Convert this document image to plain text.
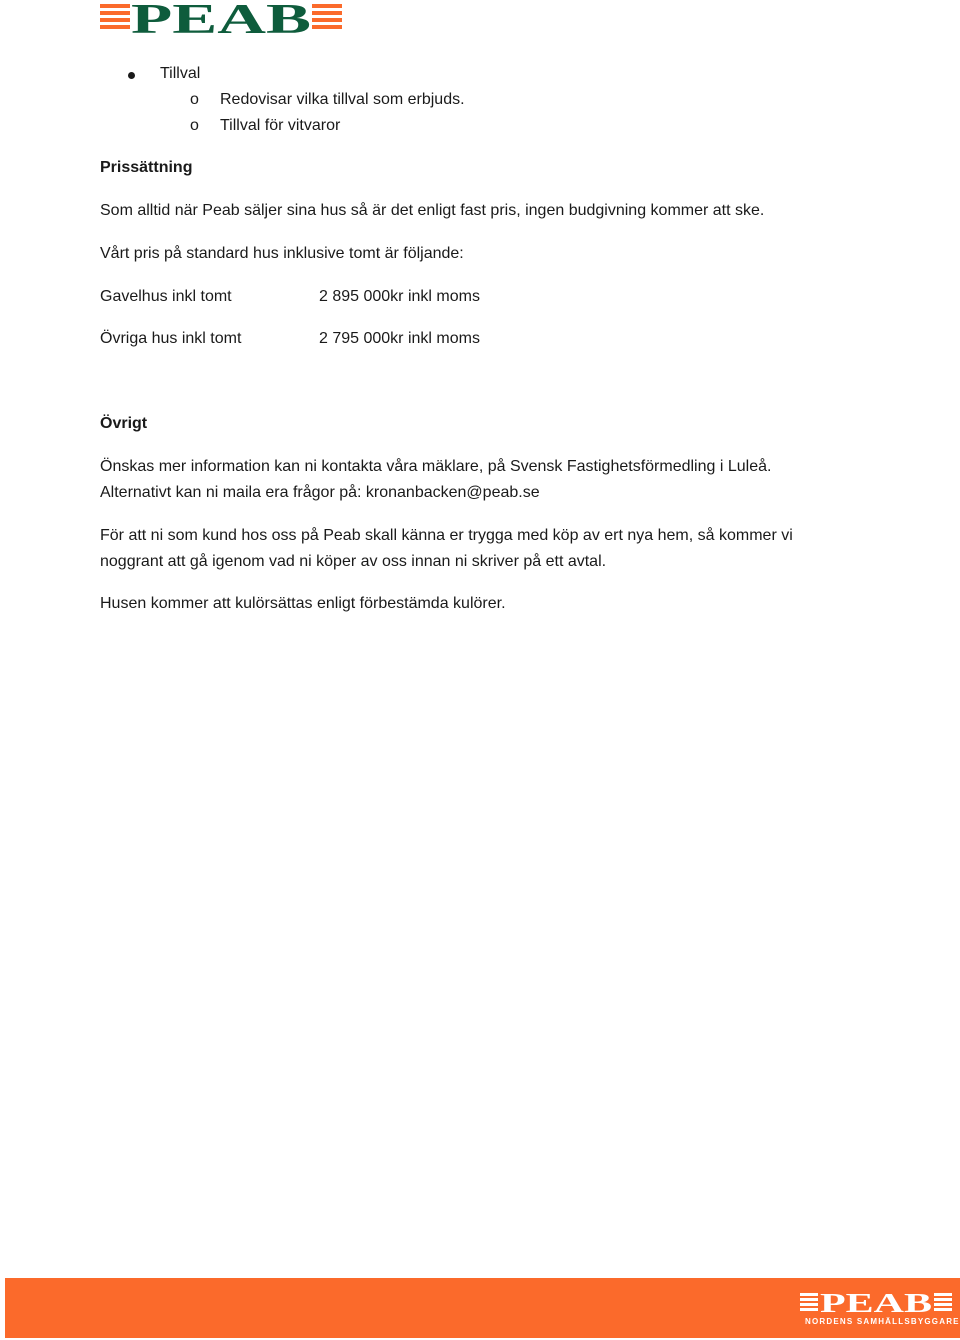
PEAB
Tillval
o Redovisar vilka tillval som erbjuds.
o Tillval för vitvaror
Prissättning
Som alltid när Peab säljer sina hus så är det enligt fast pris, ingen budgivning kommer att ske.
Vårt pris på standard hus inklusive tomt är följande:
Gavelhus inkl tomt	2 895 000kr inkl moms
Övriga hus inkl tomt	2 795 000kr inkl moms
Övrigt
Önskas mer information kan ni kontakta våra mäklare, på Svensk Fastighetsförmedling i Luleå.
Alternativt kan ni maila era frågor på: kronanbacken@peab.se
För att ni som kund hos oss på Peab skall känna er trygga med köp av ert nya hem, så kommer vi
noggrant att gå igenom vad ni köper av oss innan ni skriver på ett avtal.
Husen kommer att kulörsättas enligt förbestämda kulörer.
PEAB
NORDENS SAMHÄLLSBYGGARE
